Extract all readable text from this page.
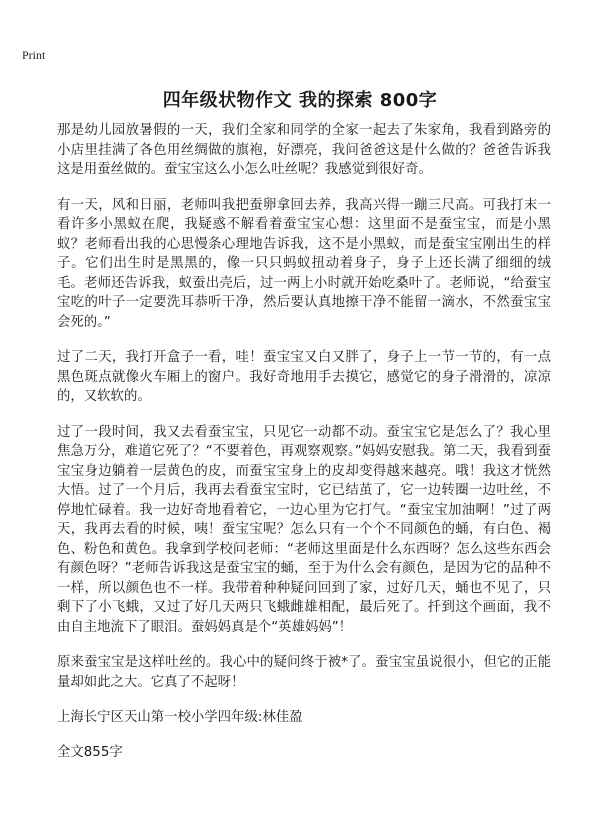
Print
四年级状物作文 我的探索 800字

那是幼儿园放暑假的一天，我们全家和同学的全家一起去了朱家角，我看到路旁的小店里挂满了各色用丝绸做的旗袍，好漂亮，我问爸爸这是什么做的？爸爸告诉我这是用蚕丝做的。蚕宝宝这么小怎么吐丝呢？我感觉到很好奇。

有一天，风和日丽，老师叫我把蚕卵拿回去养，我高兴得一蹦三尺高。可我打末一看许多小黑蚁在爬，我疑惑不解看着蚕宝宝心想：这里面不是蚕宝宝，而是小黑蚁？老师看出我的心思慢条心理地告诉我，这不是小黑蚁，而是蚕宝宝刚出生的样子。它们出生时是黑黑的，像一只只蚂蚁扭动着身子，身子上还长满了细细的绒毛。老师还告诉我，蚁蚕出壳后，过一两上小时就开始吃桑叶了。老师说，“给蚕宝宝吃的叶子一定要洗耳恭听干净，然后要认真地擦干净不能留一滴水，不然蚕宝宝会死的。”

过了二天，我打开盒子一看，哇！蚕宝宝又白又胖了，身子上一节一节的，有一点黑色斑点就像火车厢上的窗户。我好奇地用手去摸它，感觉它的身子滑滑的，凉凉的，又软软的。

过了一段时间，我又去看蚕宝宝，只见它一动都不动。蚕宝宝它是怎么了？我心里焦急万分，难道它死了？“不要着色，再观察观察。”妈妈安慰我。第二天，我看到蚕宝宝身边躺着一层黄色的皮，而蚕宝宝身上的皮却变得越来越亮。哦！我这才恍然大悟。过了一个月后，我再去看蚕宝宝时，它已结茧了，它一边转圈一边吐丝，不停地忙碌着。我一边好奇地看着它，一边心里为它打气。“蚕宝宝加油啊！”过了两天，我再去看的时候，咦！蚕宝宝呢？怎么只有一个个不同颜色的蛹，有白色、褐色、粉色和黄色。我拿到学校问老师：“老师这里面是什么东西呀？怎么这些东西会有颜色呀？”老师告诉我这是蚕宝宝的蛹，至于为什么会有颜色，是因为它的品种不一样，所以颜色也不一样。我带着种种疑问回到了家，过好几天，蛹也不见了，只剩下了小飞蛾，又过了好几天两只飞蛾雌雄相配，最后死了。扦到这个画面，我不由自主地流下了眼泪。蚕妈妈真是个“英雄妈妈”！

原来蚕宝宝是这样吐丝的。我心中的疑问终于被*了。蚕宝宝虽说很小，但它的正能量却如此之大。它真了不起呀！

上海长宁区天山第一校小学四年级:林佳盈

全文855字
